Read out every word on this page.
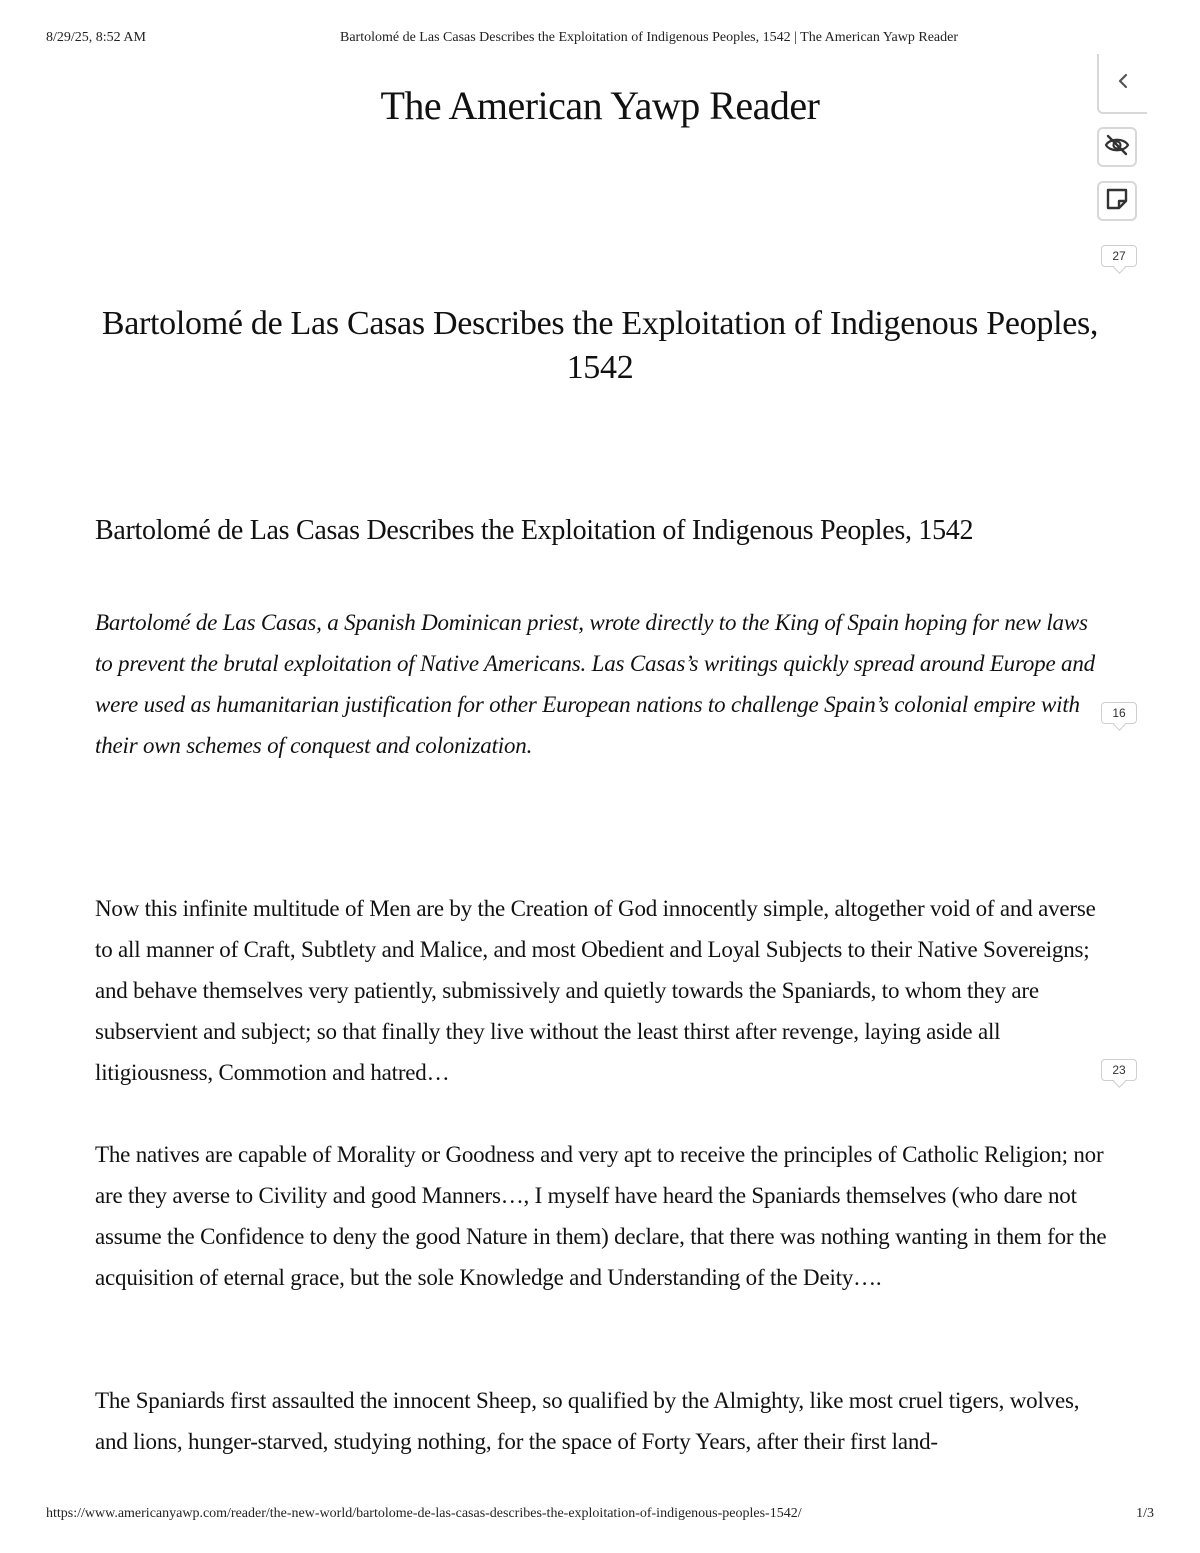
8/29/25, 8:52 AM	Bartolomé de Las Casas Describes the Exploitation of Indigenous Peoples, 1542 | The American Yawp Reader
The American Yawp Reader
Bartolomé de Las Casas Describes the Exploitation of Indigenous Peoples, 1542
Bartolomé de Las Casas Describes the Exploitation of Indigenous Peoples, 1542

Bartolomé de Las Casas, a Spanish Dominican priest, wrote directly to the King of Spain hoping for new laws to prevent the brutal exploitation of Native Americans. Las Casas’s writings quickly spread around Europe and were used as humanitarian justification for other European nations to challenge Spain’s colonial empire with their own schemes of conquest and colonization.

Now this infinite multitude of Men are by the Creation of God innocently simple, altogether void of and averse to all manner of Craft, Subtlety and Malice, and most Obedient and Loyal Subjects to their Native Sovereigns; and behave themselves very patiently, submissively and quietly towards the Spaniards, to whom they are subservient and subject; so that finally they live without the least thirst after revenge, laying aside all litigiousness, Commotion and hatred…

The natives are capable of Morality or Goodness and very apt to receive the principles of Catholic Religion; nor are they averse to Civility and good Manners…, I myself have heard the Spaniards themselves (who dare not assume the Confidence to deny the good Nature in them) declare, that there was nothing wanting in them for the acquisition of eternal grace, but the sole Knowledge and Understanding of the Deity….

The Spaniards first assaulted the innocent Sheep, so qualified by the Almighty, like most cruel tigers, wolves, and lions, hunger-starved, studying nothing, for the space of Forty Years, after their first land-

27
16
23
https://www.americanyawp.com/reader/the-new-world/bartolome-de-las-casas-describes-the-exploitation-of-indigenous-peoples-1542/	1/3
